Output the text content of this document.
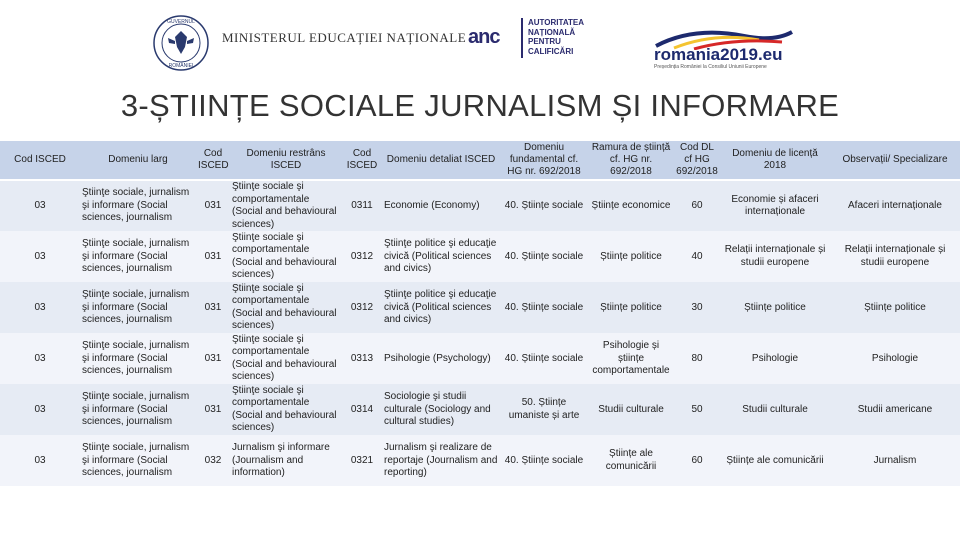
GUVERNUL
ROMÂNIEI
MINISTERUL EDUCAȚIEI NAȚIONALE anc
AUTORITATEA
NAȚIONALĂ
PENTRU
CALIFICĂRI	romania2019.eu
Președinția României la Consiliul Uniunii Europene
3-ȘTIINȚE SOCIALE JURNALISM ȘI INFORMARE
Cod ISCED	Domeniu larg	Cod ISCED	Domeniu restrâns ISCED	Cod ISCED	Domeniu detaliat ISCED	Domeniu fundamental cf. HG nr. 692/2018	Ramura de știință cf. HG nr. 692/2018	Cod DL cf HG 692/2018	Domeniu de licență 2018	Observații/ Specializare
03	Ştiinţe sociale, jurnalism şi informare (Social sciences, journalism	031	Ştiinţe sociale şi comportamentale (Social and behavioural sciences)	0311	Economie (Economy)	40. Științe sociale	Științe economice	60	Economie și afaceri internaționale	Afaceri internaționale
03	Ştiinţe sociale, jurnalism şi informare (Social sciences, journalism	031	Ştiinţe sociale şi comportamentale (Social and behavioural sciences)	0312	Ştiinţe politice şi educaţie civică (Political sciences and civics)	40. Științe sociale	Științe politice	40	Relații internaționale și studii europene	Relații internaționale și studii europene
03	Ştiinţe sociale, jurnalism şi informare (Social sciences, journalism	031	Ştiinţe sociale şi comportamentale (Social and behavioural sciences)	0312	Ştiinţe politice şi educaţie civică (Political sciences and civics)	40. Științe sociale	Științe politice	30	Științe politice	Științe politice
03	Ştiinţe sociale, jurnalism şi informare (Social sciences, journalism	031	Ştiinţe sociale şi comportamentale (Social and behavioural sciences)	0313	Psihologie (Psychology)	40. Științe sociale	Psihologie și științe comportamentale	80	Psihologie	Psihologie
03	Ştiinţe sociale, jurnalism şi informare (Social sciences, journalism	031	Ştiinţe sociale şi comportamentale (Social and behavioural sciences)	0314	Sociologie şi studii culturale (Sociology and cultural studies)	50. Științe umaniste și arte	Studii culturale	50	Studii culturale	Studii americane
03	Ştiinţe sociale, jurnalism şi informare (Social sciences, journalism	032	Jurnalism şi informare (Journalism and information)	0321	Jurnalism şi realizare de reportaje (Journalism and reporting)	40. Științe sociale	Științe ale comunicării	60	Științe ale comunicării	Jurnalism
